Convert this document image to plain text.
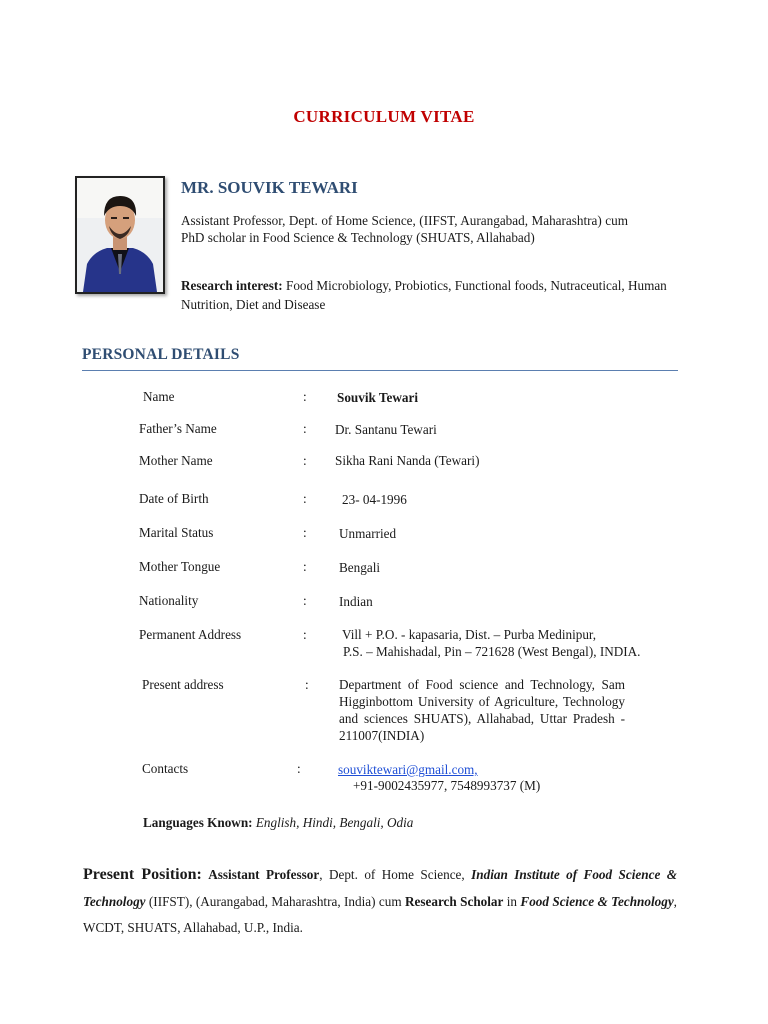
CURRICULUM VITAE
MR. SOUVIK TEWARI
Assistant Professor, Dept. of Home Science, (IIFST, Aurangabad, Maharashtra) cum PhD scholar in Food Science & Technology (SHUATS, Allahabad)
Research interest: Food Microbiology, Probiotics, Functional foods, Nutraceutical, Human Nutrition, Diet and Disease
PERSONAL DETAILS
Name	: Souvik Tewari
Father’s Name	: Dr. Santanu Tewari
Mother Name	: Sikha Rani Nanda (Tewari)
Date of Birth	:	23- 04-1996
Marital Status	: Unmarried
Mother Tongue	: Bengali
Nationality	: Indian
Permanent Address	:	Vill + P.O. - kapasaria, Dist. – Purba Medinipur,
P.S. – Mahishadal, Pin – 721628 (West Bengal), INDIA.
Present address	: Department of Food science and Technology, Sam Higginbottom University of Agriculture, Technology and sciences SHUATS), Allahabad, Uttar Pradesh - 211007(INDIA)
Contacts	:	souviktewari@gmail.com,
+91-9002435977, 7548993737 (M)
Languages Known: English, Hindi, Bengali, Odia
Present Position: Assistant Professor, Dept. of Home Science, Indian Institute of Food Science & Technology (IIFST), (Aurangabad, Maharashtra, India) cum Research Scholar in Food Science & Technology, WCDT, SHUATS, Allahabad, U.P., India.
